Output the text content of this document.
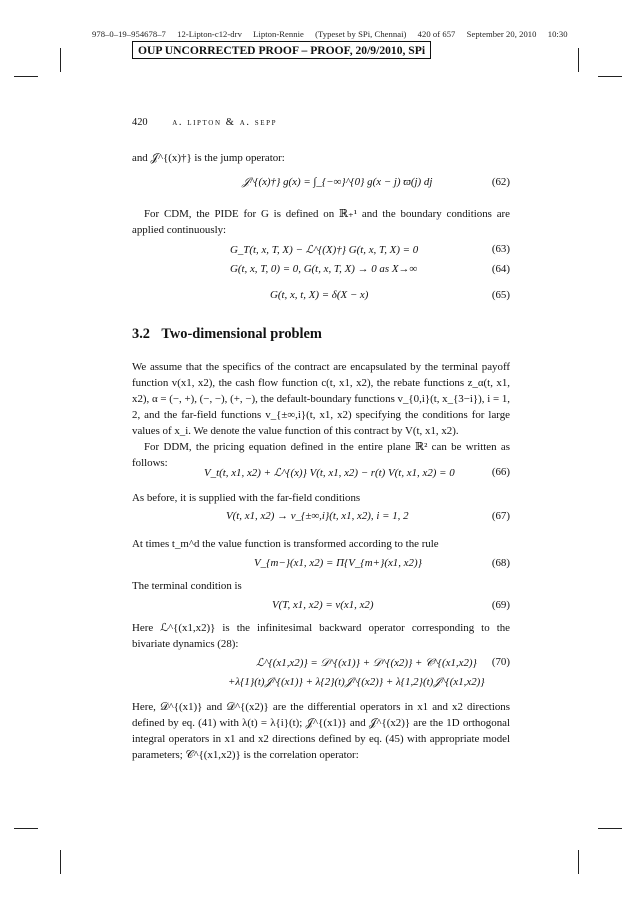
978–0–19–954678–7 12-Lipton-c12-drv Lipton-Rennie (Typeset by SPi, Chennai) 420 of 657 September 20, 2010 10:30
OUP UNCORRECTED PROOF – PROOF, 20/9/2010, SPi
420 a. lipton & a. sepp
and 𝒥^{(x)†} is the jump operator:
𝒥^{(x)†} g(x) = ∫_{−∞}^{0} g(x − j) ϖ(j) dj	(62)
For CDM, the PIDE for G is defined on ℝ₊¹ and the boundary conditions are applied continuously:
G_T(t, x, T, X) − ℒ^{(X)†} G(t, x, T, X) = 0	(63)
G(t, x, T, 0) = 0, G(t, x, T, X) → 0 as X→∞	(64)
G(t, x, t, X) = δ(X − x)	(65)
3.2 Two-dimensional problem
We assume that the specifics of the contract are encapsulated by the terminal payoff function v(x1, x2), the cash flow function c(t, x1, x2), the rebate functions z_α(t, x1, x2), α = (−, +), (−, −), (+, −), the default-boundary functions v_{0,i}(t, x_{3−i}), i = 1, 2, and the far-field functions v_{±∞,i}(t, x1, x2) specifying the conditions for large values of x_i. We denote the value function of this contract by V(t, x1, x2).
For DDM, the pricing equation defined in the entire plane ℝ² can be written as follows:
V_t(t, x1, x2) + ℒ^{(x)} V(t, x1, x2) − r(t) V(t, x1, x2) = 0	(66)
As before, it is supplied with the far-field conditions
V(t, x1, x2) → v_{±∞,i}(t, x1, x2), i = 1, 2	(67)
At times t_m^d the value function is transformed according to the rule
V_{m−}(x1, x2) = Π{V_{m+}(x1, x2)}	(68)
The terminal condition is
V(T, x1, x2) = v(x1, x2)	(69)
Here ℒ^{(x1,x2)} is the infinitesimal backward operator corresponding to the bivariate dynamics (28):
ℒ^{(x1,x2)} = 𝒟^{(x1)} + 𝒟^{(x2)} + 𝒞^{(x1,x2)} (70)
+λ{1}(t)𝒥^{(x1)} + λ{2}(t)𝒥^{(x2)} + λ{1,2}(t)𝒥^{(x1,x2)}
Here, 𝒟^{(x1)} and 𝒟^{(x2)} are the differential operators in x1 and x2 directions defined by eq. (41) with λ(t) = λ{i}(t); 𝒥^{(x1)} and 𝒥^{(x2)} are the 1D orthogonal integral operators in x1 and x2 directions defined by eq. (45) with appropriate model parameters; 𝒞^{(x1,x2)} is the correlation operator:
